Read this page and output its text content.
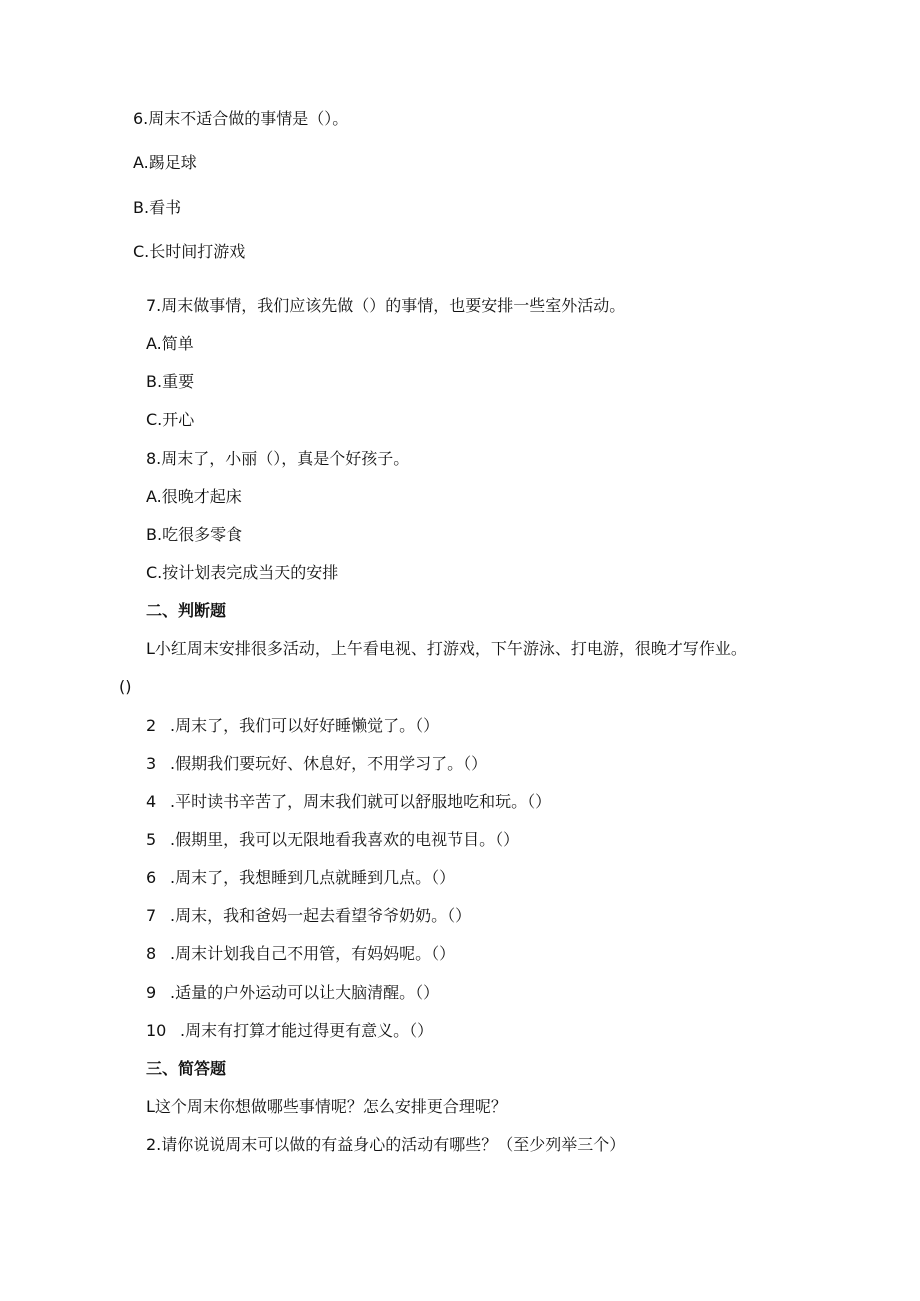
6.周末不适合做的事情是（）。
A.踢足球
B.看书
C.长时间打游戏
7.周末做事情，我们应该先做（）的事情，也要安排一些室外活动。
A.简单
B.重要
C.开心
8.周末了，小丽（），真是个好孩子。
A.很晚才起床
B.吃很多零食
C.按计划表完成当天的安排
二、判断题
L小红周末安排很多活动，上午看电视、打游戏，下午游泳、打电游，很晚才写作业。
()
2 .周末了，我们可以好好睡懒觉了。（）
3 .假期我们要玩好、休息好，不用学习了。（）
4 .平时读书辛苦了，周末我们就可以舒服地吃和玩。（）
5 .假期里，我可以无限地看我喜欢的电视节目。（）
6 .周末了，我想睡到几点就睡到几点。（）
7 .周末，我和爸妈一起去看望爷爷奶奶。（）
8 .周末计划我自己不用管，有妈妈呢。（）
9 .适量的户外运动可以让大脑清醒。（）
10 .周末有打算才能过得更有意义。（）
三、简答题
L这个周末你想做哪些事情呢？怎么安排更合理呢？
2.请你说说周末可以做的有益身心的活动有哪些？（至少列举三个）
